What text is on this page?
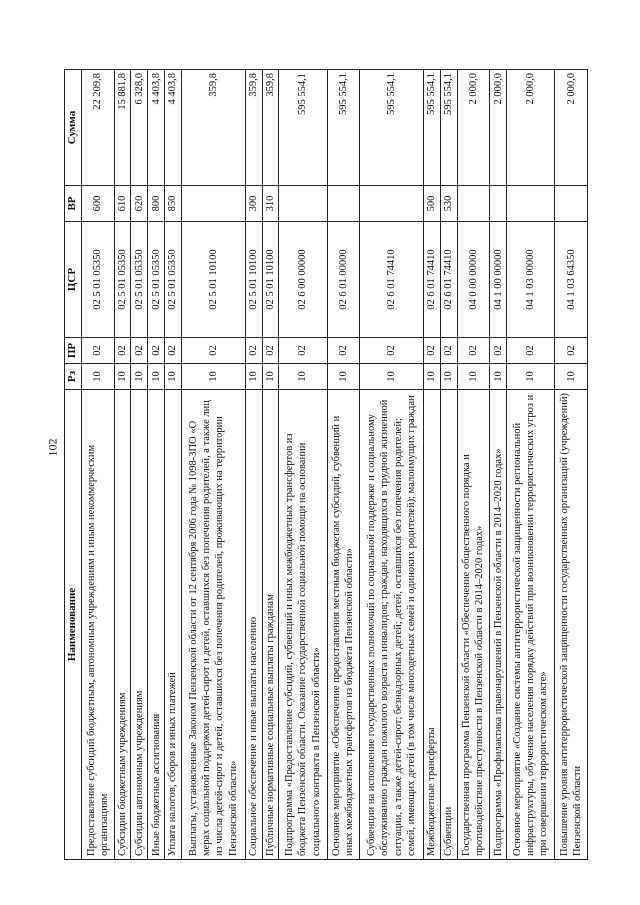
102
Наименование	Рз	ПР	ЦСР	ВР	Сумма
Предоставление субсидий бюджетным, автономным учреждениям и иным некоммерческим организациям	10	02	02 5 01 05350	600	22 209,8
Субсидии бюджетным учреждениям	10	02	02 5 01 05350	610	15 881,8
Субсидии автономным учреждениям	10	02	02 5 01 05350	620	6 328,0
Иные бюджетные ассигнования	10	02	02 5 01 05350	800	4 403,8
Уплата налогов, сборов и иных платежей	10	02	02 5 01 05350	850	4 403,8
Выплаты, установленные Законом Пензенской области от 12 сентября 2006 года № 1098-ЗПО «О мерах социальной поддержки детей-сирот и детей, оставшихся без попечения родителей, а также лиц из числа детей-сирот и детей, оставшихся без попечения родителей, проживающих на территории Пензенской области»	10	02	02 5 01 10100		359,8
Социальное обеспечение и иные выплаты населению	10	02	02 5 01 10100	300	359,8
Публичные нормативные социальные выплаты гражданам	10	02	02 5 01 10100	310	359,8
Подпрограмма «Предоставление субсидий, субвенций и иных межбюджетных трансфертов из бюджета Пензенской области. Оказание государственной социальной помощи на основании социального контракта в Пензенской области»	10	02	02 6 00 00000		595 554,1
Основное мероприятие «Обеспечение предоставления местным бюджетам субсидий, субвенций и иных межбюджетных трансфертов из бюджета Пензенской области»	10	02	02 6 01 00000		595 554,1
Субвенции на исполнение государственных полномочий по социальной поддержке и социальному обслуживанию граждан пожилого возраста и инвалидов; граждан, находящихся в трудной жизненной ситуации, а также детей-сирот; безнадзорных детей; детей, оставшихся без попечения родителей; семей, имеющих детей (в том числе многодетных семей и одиноких родителей); малоимущих граждан	10	02	02 6 01 74410		595 554,1
Межбюджетные трансферты	10	02	02 6 01 74410	500	595 554,1
Субвенции	10	02	02 6 01 74410	530	595 554,1
Государственная программа Пензенской области «Обеспечение общественного порядка и противодействие преступности в Пензенской области в 2014–2020 годах»	10	02	04 0 00 00000		2 000,0
Подпрограмма «Профилактика правонарушений в Пензенской области в 2014–2020 годах»	10	02	04 1 00 00000		2 000,0
Основное мероприятие «Создание системы антитеррористической защищенности региональной инфраструктуры, обучение населения порядку действий при возникновении террористических угроз и при совершении террористическом акте»	10	02	04 1 03 00000		2 000,0
Повышение уровня антитеррористической защищенности государственных организаций (учреждений) Пензенской области	10	02	04 1 03 64350		2 000,0
